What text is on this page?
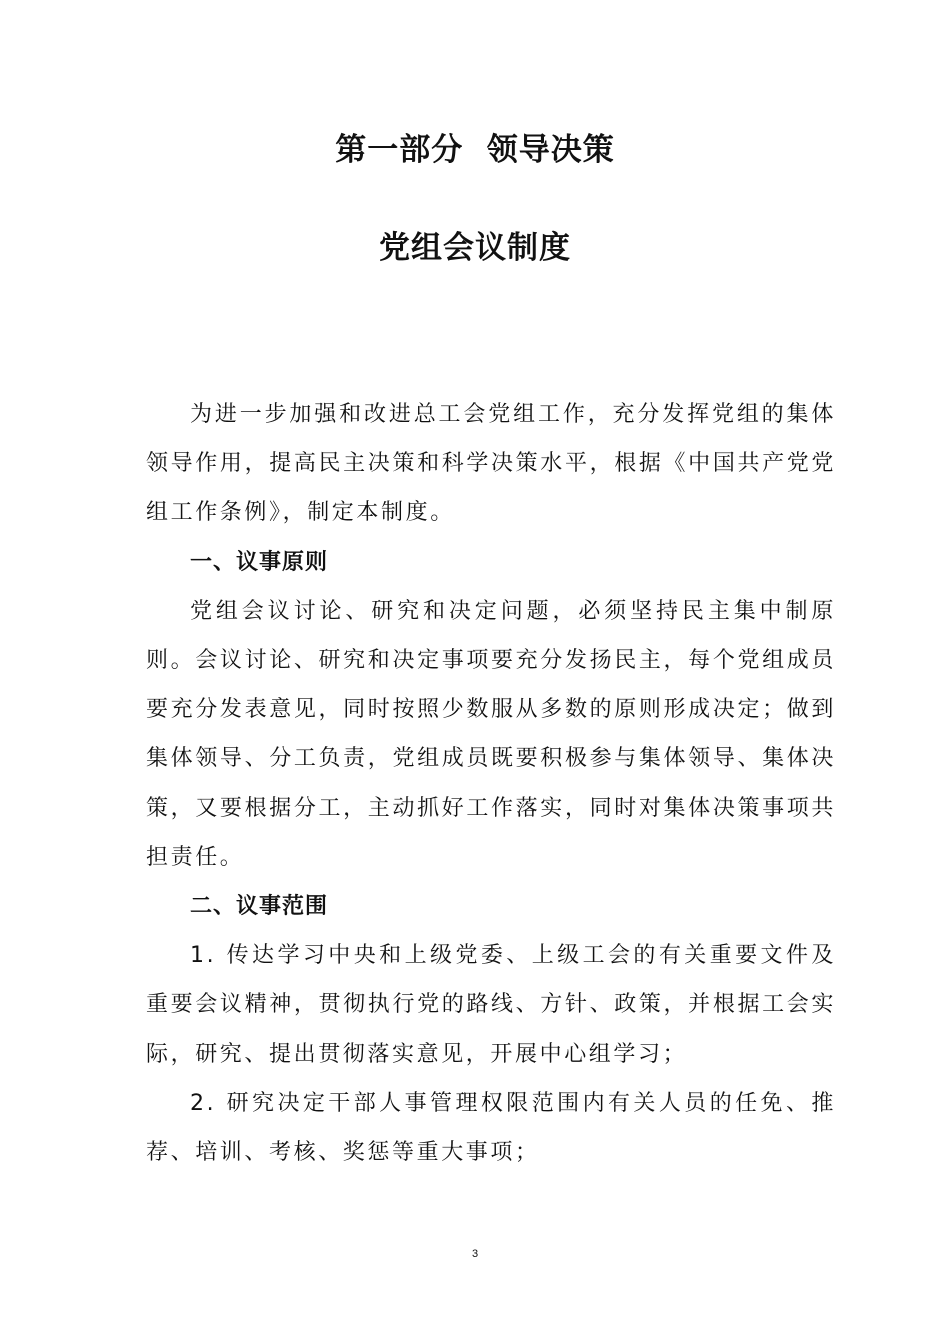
第一部分  领导决策
党组会议制度

为进一步加强和改进总工会党组工作，充分发挥党组的集体领导作用，提高民主决策和科学决策水平，根据《中国共产党党组工作条例》，制定本制度。

一、议事原则

党组会议讨论、研究和决定问题，必须坚持民主集中制原则。会议讨论、研究和决定事项要充分发扬民主，每个党组成员要充分发表意见，同时按照少数服从多数的原则形成决定；做到集体领导、分工负责，党组成员既要积极参与集体领导、集体决策，又要根据分工，主动抓好工作落实，同时对集体决策事项共担责任。

二、议事范围

1. 传达学习中央和上级党委、上级工会的有关重要文件及重要会议精神，贯彻执行党的路线、方针、政策，并根据工会实际，研究、提出贯彻落实意见，开展中心组学习；

2. 研究决定干部人事管理权限范围内有关人员的任免、推荐、培训、考核、奖惩等重大事项；

3
